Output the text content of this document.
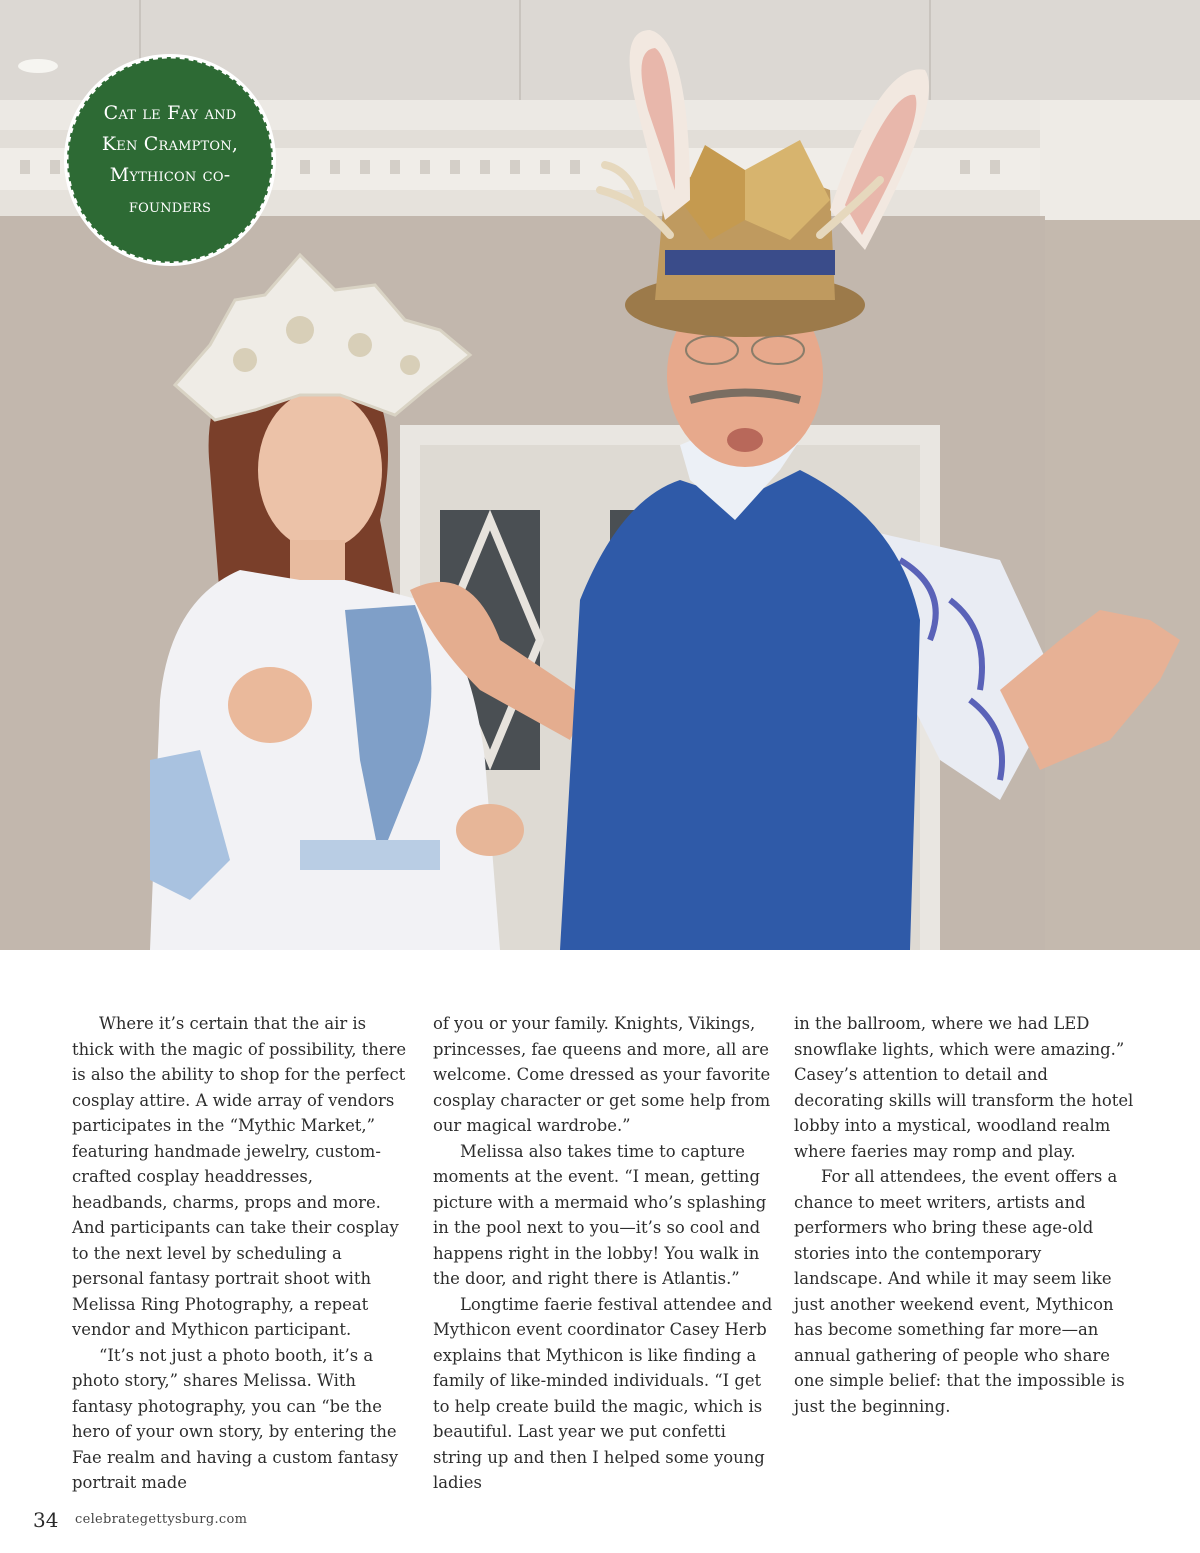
Cat le Fay and Ken Crampton, Mythicon co-founders

Where it’s certain that the air is thick with the magic of possibility, there is also the ability to shop for the perfect cosplay attire. A wide array of vendors participates in the “Mythic Market,” featuring handmade jewelry, custom-crafted cosplay headdresses, headbands, charms, props and more. And participants can take their cosplay to the next level by scheduling a personal fantasy portrait shoot with Melissa Ring Photography, a repeat vendor and Mythicon participant.

“It’s not just a photo booth, it’s a photo story,” shares Melissa. With fantasy photography, you can “be the hero of your own story, by entering the Fae realm and having a custom fantasy portrait made

of you or your family. Knights, Vikings, princesses, fae queens and more, all are welcome. Come dressed as your favorite cosplay character or get some help from our magical wardrobe.”

Melissa also takes time to capture moments at the event. “I mean, getting picture with a mermaid who’s splashing in the pool next to you—it’s so cool and happens right in the lobby! You walk in the door, and right there is Atlantis.”

Longtime faerie festival attendee and Mythicon event coordinator Casey Herb explains that Mythicon is like finding a family of like-minded individuals. “I get to help create build the magic, which is beautiful. Last year we put confetti string up and then I helped some young ladies

in the ballroom, where we had LED snowflake lights, which were amazing.” Casey’s attention to detail and decorating skills will transform the hotel lobby into a mystical, woodland realm where faeries may romp and play.

For all attendees, the event offers a chance to meet writers, artists and performers who bring these age-old stories into the contemporary landscape. And while it may seem like just another weekend event, Mythicon has become something far more—an annual gathering of people who share one simple belief: that the impossible is just the beginning.

34 celebrategettysburg.com
